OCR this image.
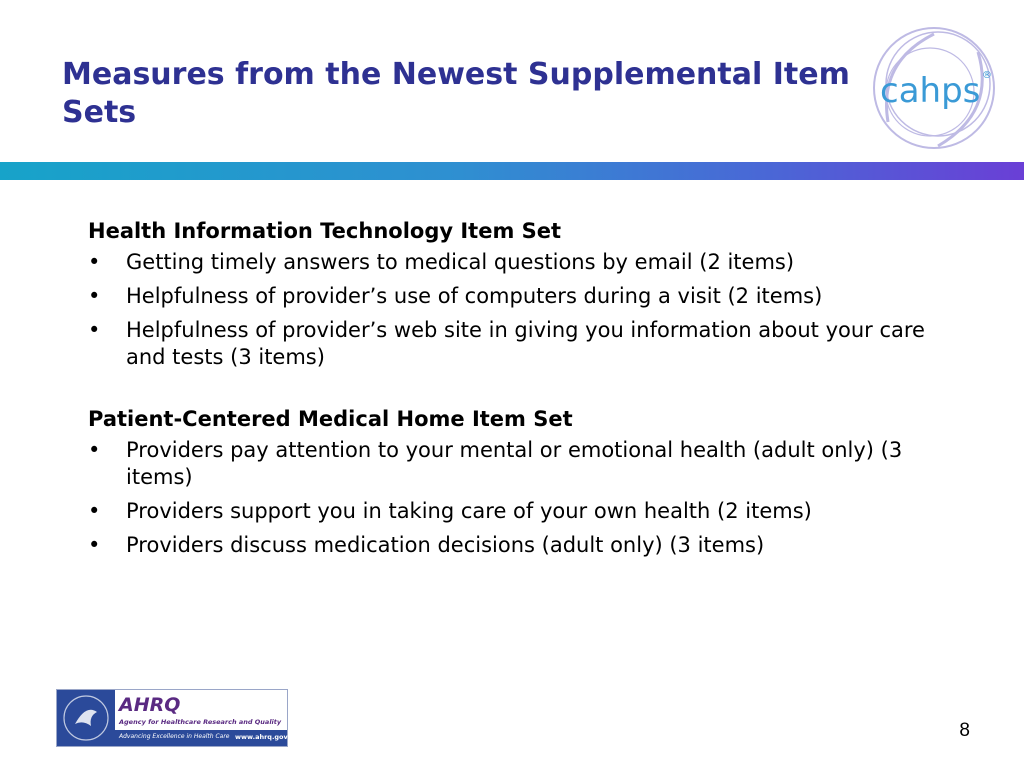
Measures from the Newest Supplemental Item Sets
cahps ®

Health Information Technology Item Set

•	Getting timely answers to medical questions by email (2 items)
•	Helpfulness of providerʼs use of computers during a visit (2 items)
•	Helpfulness of providerʼs web site in giving you information about your care and tests (3 items)

Patient-Centered Medical Home Item Set

•	Providers pay attention to your mental or emotional health (adult only) (3 items)
•	Providers support you in taking care of your own health (2 items)
•	Providers discuss medication decisions (adult only) (3 items)
AHRQ
Agency for Healthcare Research and Quality
Advancing Excellence in Health Care www.ahrq.gov	8
